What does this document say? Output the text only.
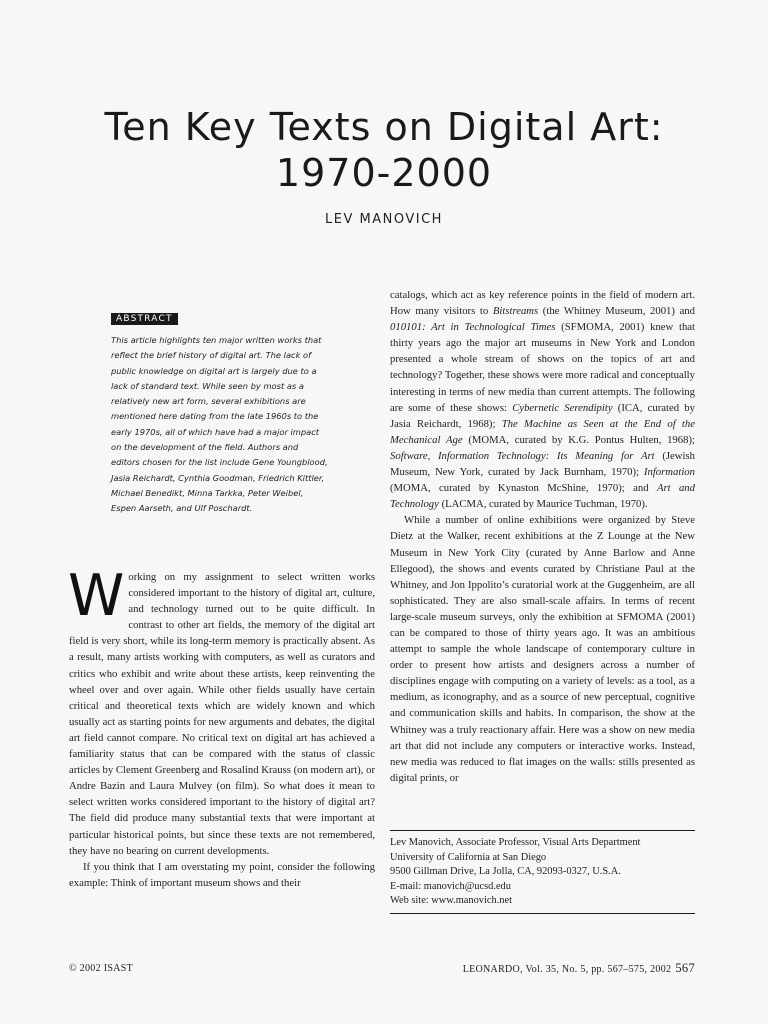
Ten Key Texts on Digital Art:
1970-2000
LEV MANOVICH
ABSTRACT

This article highlights ten major written works that reflect the brief history of digital art. The lack of public knowledge on digital art is largely due to a lack of standard text. While seen by most as a relatively new art form, several exhibitions are mentioned here dating from the late 1960s to the early 1970s, all of which have had a major impact on the development of the field. Authors and editors chosen for the list include Gene Youngblood, Jasia Reichardt, Cynthia Goodman, Friedrich Kittler, Michael Benedikt, Minna Tarkka, Peter Weibel, Espen Aarseth, and Ulf Poschardt.

Working on my assignment to select written works considered important to the history of digital art, culture, and technology turned out to be quite difficult. In contrast to other art fields, the memory of the digital art field is very short, while its long-term memory is practically absent. As a result, many artists working with computers, as well as curators and critics who exhibit and write about these artists, keep reinventing the wheel over and over again. While other fields usually have certain critical and theoretical texts which are widely known and which usually act as starting points for new arguments and debates, the digital art field cannot compare. No critical text on digital art has achieved a familiarity status that can be compared with the status of classic articles by Clement Greenberg and Rosalind Krauss (on modern art), or Andre Bazin and Laura Mulvey (on film). So what does it mean to select written works considered important to the history of digital art? The field did produce many substantial texts that were important at particular historical points, but since these texts are not remembered, they have no bearing on current developments.

If you think that I am overstating my point, consider the following example: Think of important museum shows and their

catalogs, which act as key reference points in the field of modern art. How many visitors to Bitstreams (the Whitney Museum, 2001) and 010101: Art in Technological Times (SFMOMA, 2001) knew that thirty years ago the major art museums in New York and London presented a whole stream of shows on the topics of art and technology? Together, these shows were more radical and conceptually interesting in terms of new media than current attempts. The following are some of these shows: Cybernetic Serendipity (ICA, curated by Jasia Reichardt, 1968); The Machine as Seen at the End of the Mechanical Age (MOMA, curated by K.G. Pontus Hulten, 1968); Software, Information Technology: Its Meaning for Art (Jewish Museum, New York, curated by Jack Burnham, 1970); Information (MOMA, curated by Kynaston McShine, 1970); and Art and Technology (LACMA, curated by Maurice Tuchman, 1970).

While a number of online exhibitions were organized by Steve Dietz at the Walker, recent exhibitions at the Z Lounge at the New Museum in New York City (curated by Anne Barlow and Anne Ellegood), the shows and events curated by Christiane Paul at the Whitney, and Jon Ippolito’s curatorial work at the Guggenheim, are all sophisticated. They are also small-scale affairs. In terms of recent large-scale museum surveys, only the exhibition at SFMOMA (2001) can be compared to those of thirty years ago. It was an ambitious attempt to sample the whole landscape of contemporary culture in order to present how artists and designers across a number of disciplines engage with computing on a variety of levels: as a tool, as a medium, as iconography, and as a source of new perceptual, cognitive and communication skills and habits. In comparison, the show at the Whitney was a truly reactionary affair. Here was a show on new media art that did not include any computers or interactive works. Instead, new media was reduced to flat images on the walls: stills presented as digital prints, or

Lev Manovich, Associate Professor, Visual Arts Department
University of California at San Diego
9500 Gillman Drive, La Jolla, CA, 92093-0327, U.S.A.
E-mail: manovich@ucsd.edu
Web site: www.manovich.net
© 2002 ISAST	LEONARDO, Vol. 35, No. 5, pp. 567–575, 2002 567
